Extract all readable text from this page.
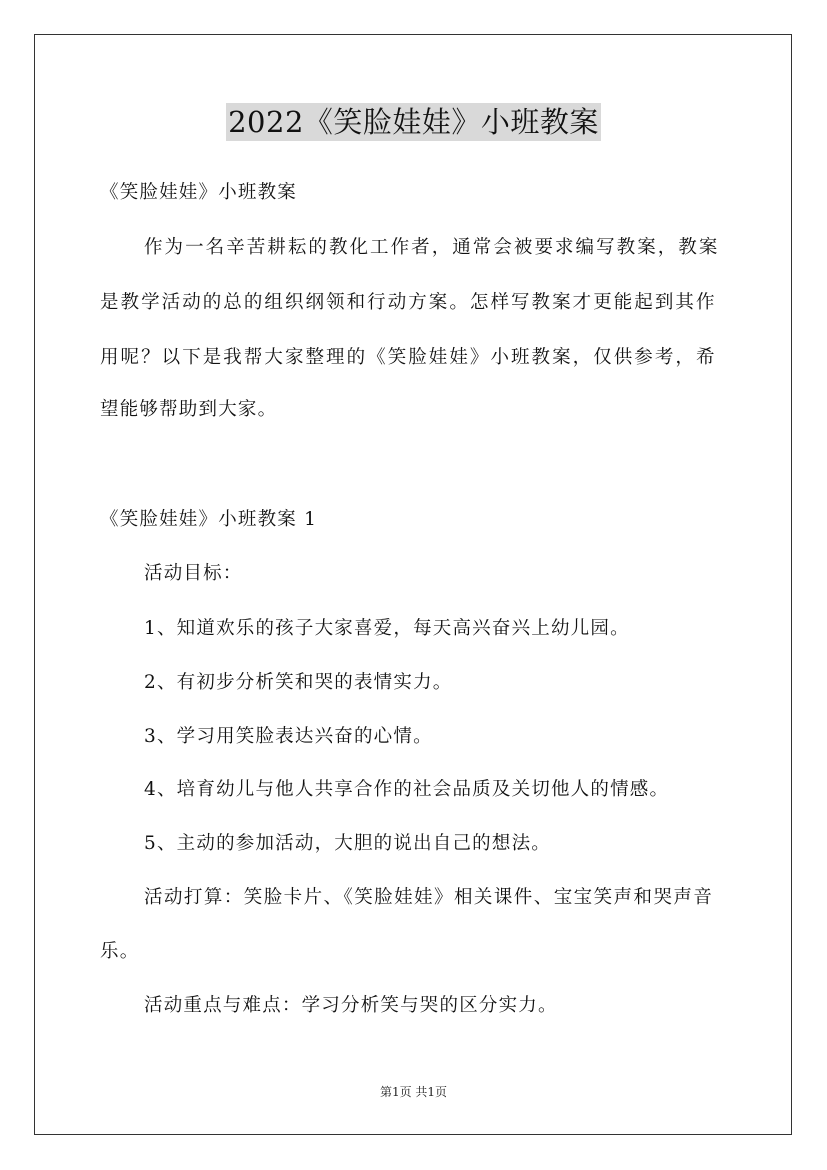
2022《笑脸娃娃》小班教案
《笑脸娃娃》小班教案
作为一名辛苦耕耘的教化工作者，通常会被要求编写教案，教案
是教学活动的总的组织纲领和行动方案。怎样写教案才更能起到其作
用呢？以下是我帮大家整理的《笑脸娃娃》小班教案，仅供参考，希
望能够帮助到大家。
《笑脸娃娃》小班教案 1
活动目标：
1、知道欢乐的孩子大家喜爱，每天高兴奋兴上幼儿园。
2、有初步分析笑和哭的表情实力。
3、学习用笑脸表达兴奋的心情。
4、培育幼儿与他人共享合作的社会品质及关切他人的情感。
5、主动的参加活动，大胆的说出自己的想法。
活动打算：笑脸卡片、《笑脸娃娃》相关课件、宝宝笑声和哭声音
乐。
活动重点与难点：学习分析笑与哭的区分实力。
第1页 共1页
